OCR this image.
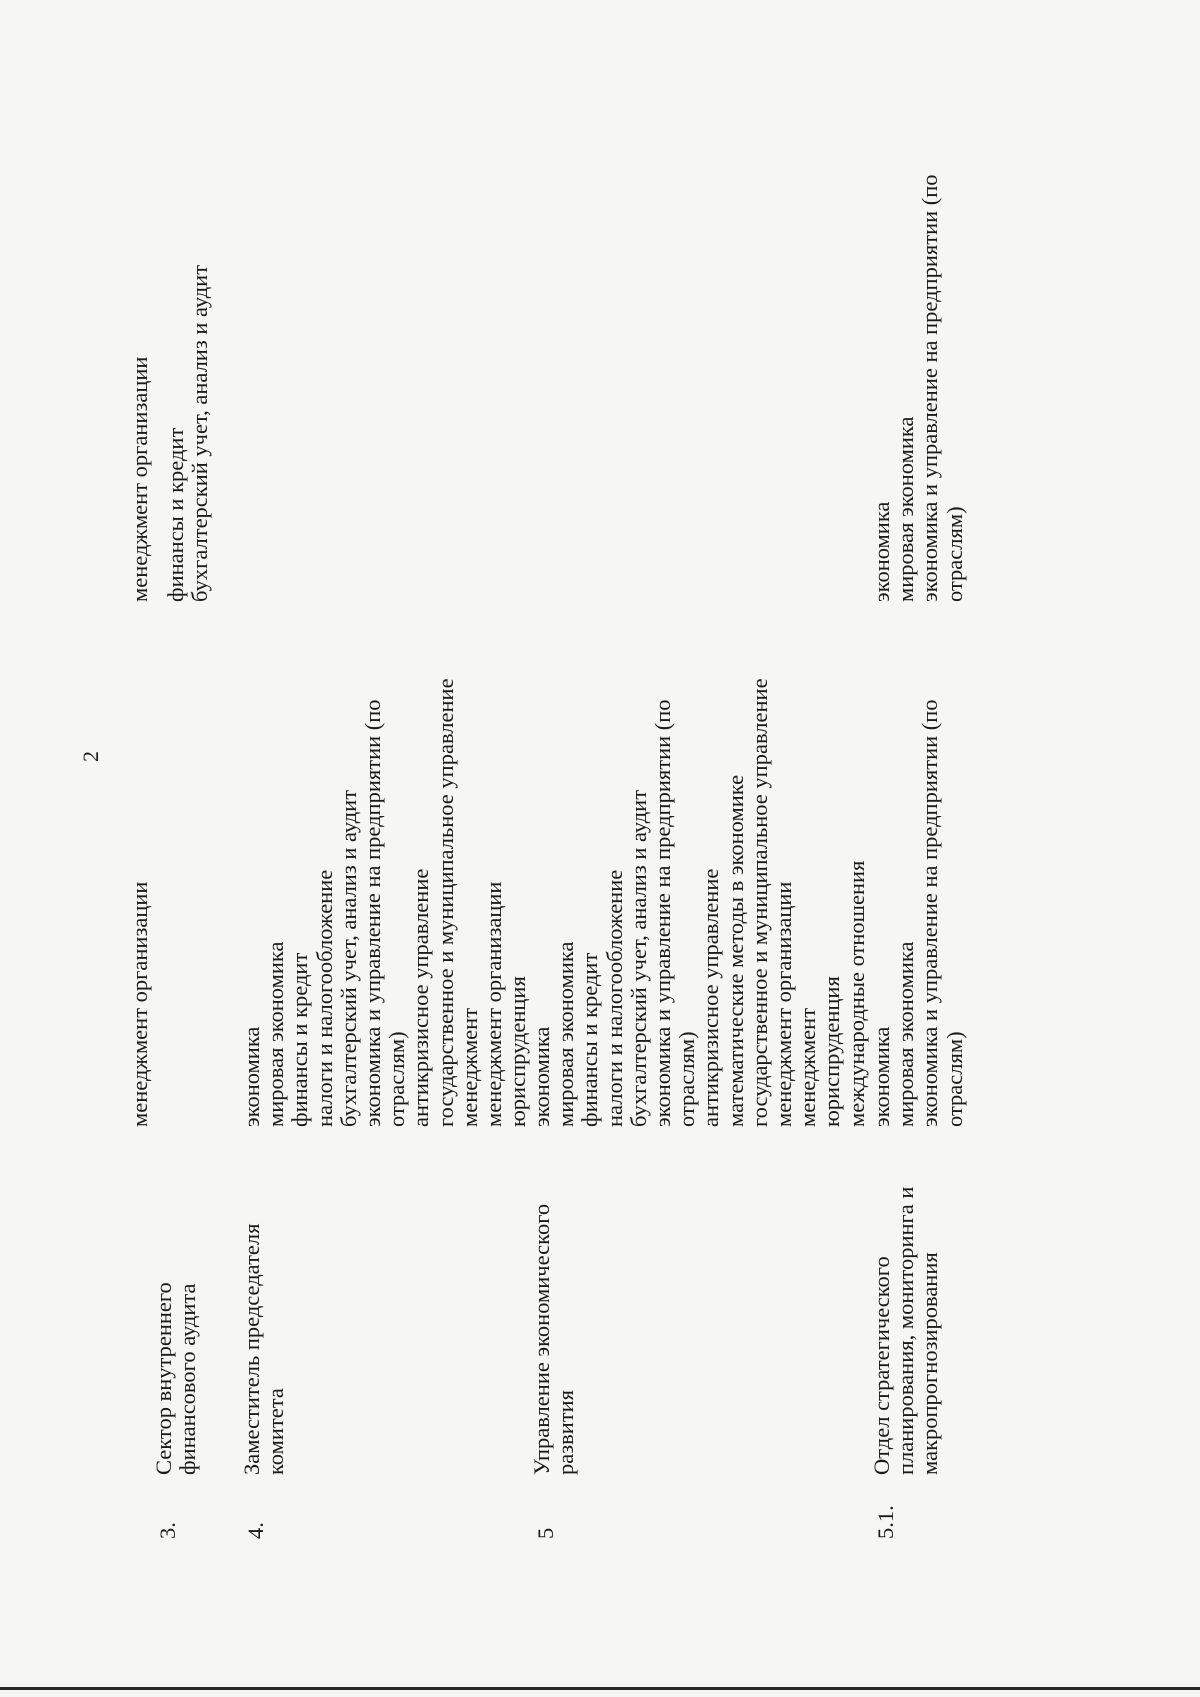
2
менеджмент организации
менеджмент организации
3.
Сектор внутреннего финансового аудита
финансы и кредит бухгалтерский учет, анализ и аудит
4.
Заместитель председателя комитета
экономика мировая экономика финансы и кредит налоги и налогообложение бухгалтерский учет, анализ и аудит экономика и управление на предприятии (по отраслям) антикризисное управление государственное и муниципальное управление менеджмент менеджмент организации юриспруденция
5
Управление экономического развития
экономика мировая экономика финансы и кредит налоги и налогообложение бухгалтерский учет, анализ и аудит экономика и управление на предприятии (по отраслям) антикризисное управление математические методы в экономике государственное и муниципальное управление менеджмент организации менеджмент юриспруденция международные отношения
5.1.
Отдел стратегического планирования, мониторинга и макропрогнозирования
экономика мировая экономика экономика и управление на предприятии (по отраслям)
экономика мировая экономика экономика и управление на предприятии (по отраслям)
